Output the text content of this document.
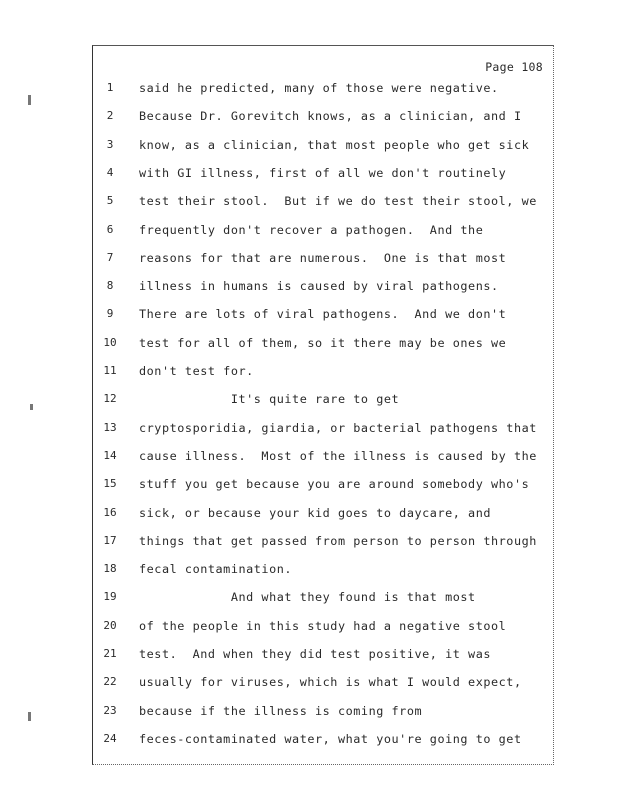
Page 108
1	said he predicted, many of those were negative.
2	Because Dr. Gorevitch knows, as a clinician, and I
3	know, as a clinician, that most people who get sick
4	with GI illness, first of all we don't routinely
5	test their stool.  But if we do test their stool, we
6	frequently don't recover a pathogen.  And the
7	reasons for that are numerous.  One is that most
8	illness in humans is caused by viral pathogens.
9	There are lots of viral pathogens.  And we don't
10	test for all of them, so it there may be ones we
11	don't test for.
12	It's quite rare to get
13	cryptosporidia, giardia, or bacterial pathogens that
14	cause illness.  Most of the illness is caused by the
15	stuff you get because you are around somebody who's
16	sick, or because your kid goes to daycare, and
17	things that get passed from person to person through
18	fecal contamination.
19	And what they found is that most
20	of the people in this study had a negative stool
21	test.  And when they did test positive, it was
22	usually for viruses, which is what I would expect,
23	because if the illness is coming from
24	feces-contaminated water, what you're going to get
